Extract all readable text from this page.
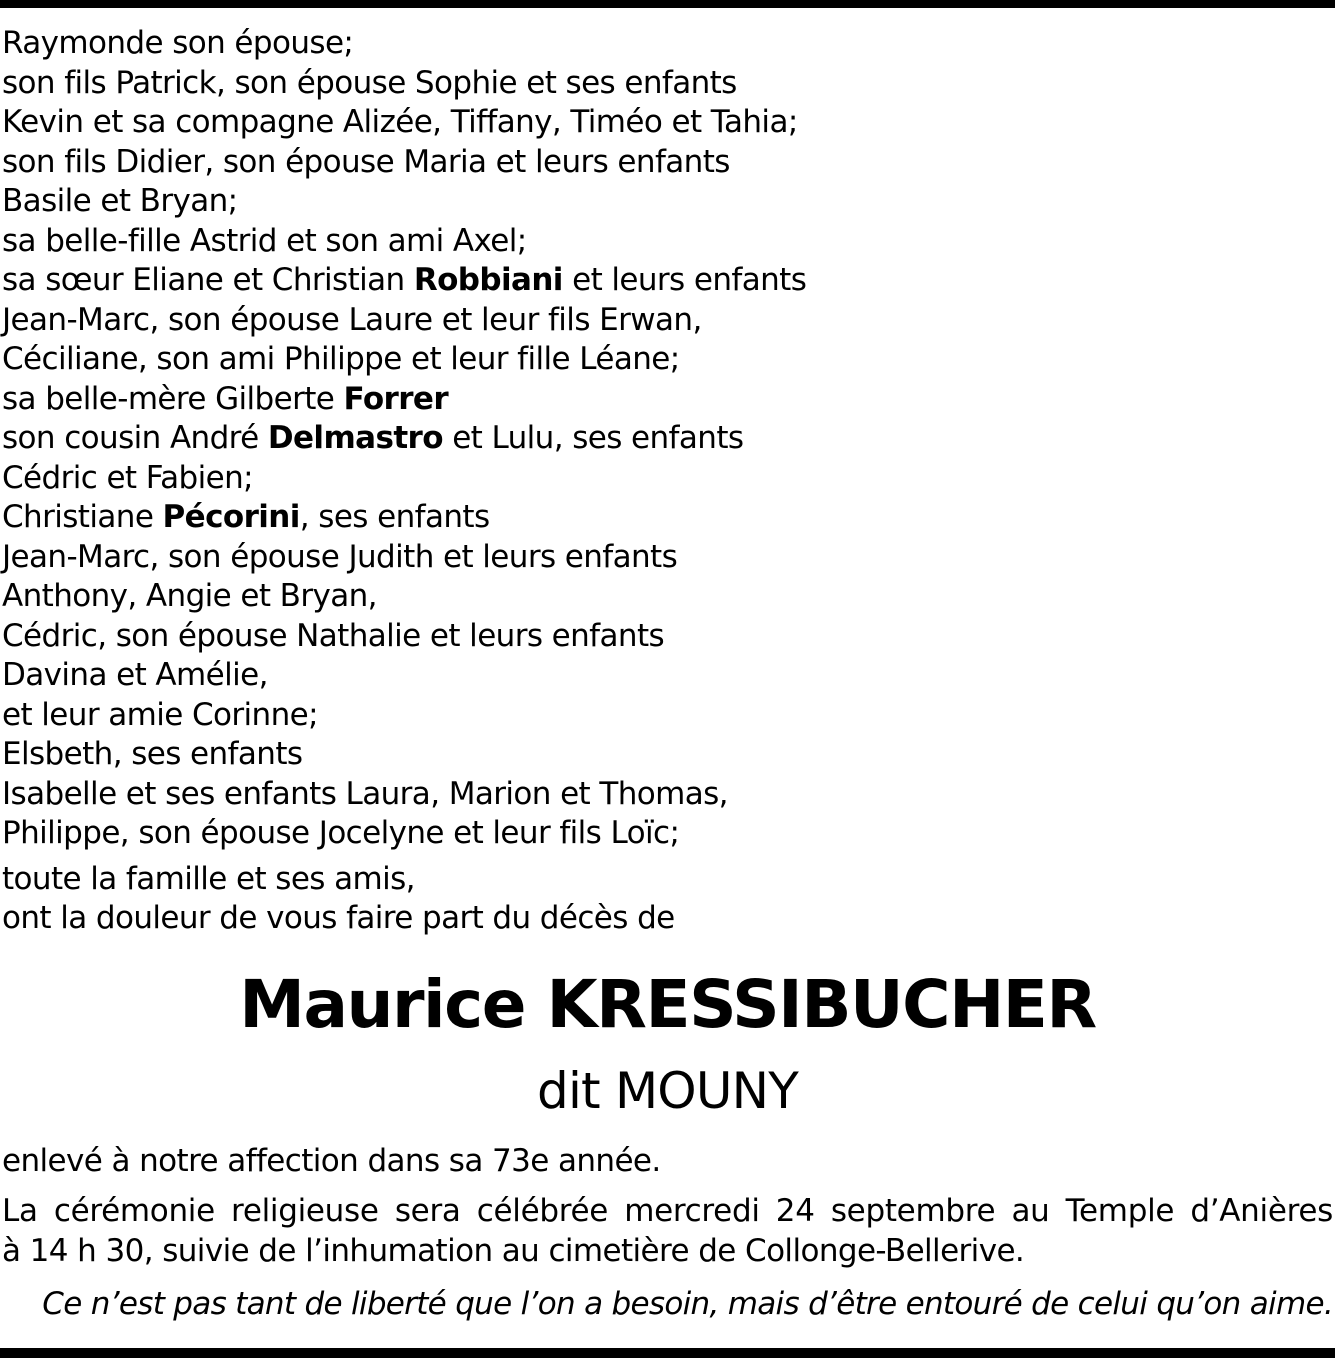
Raymonde son épouse;
son fils Patrick, son épouse Sophie et ses enfants
Kevin et sa compagne Alizée, Tiffany, Timéo et Tahia;
son fils Didier, son épouse Maria et leurs enfants
Basile et Bryan;
sa belle-fille Astrid et son ami Axel;
sa sœur Eliane et Christian Robbiani et leurs enfants
Jean-Marc, son épouse Laure et leur fils Erwan,
Céciliane, son ami Philippe et leur fille Léane;
sa belle-mère Gilberte Forrer
son cousin André Delmastro et Lulu, ses enfants
Cédric et Fabien;
Christiane Pécorini, ses enfants
Jean-Marc, son épouse Judith et leurs enfants
Anthony, Angie et Bryan,
Cédric, son épouse Nathalie et leurs enfants
Davina et Amélie,
et leur amie Corinne;
Elsbeth, ses enfants
Isabelle et ses enfants Laura, Marion et Thomas,
Philippe, son épouse Jocelyne et leur fils Loïc;
toute la famille et ses amis,
ont la douleur de vous faire part du décès de
Maurice KRESSIBUCHER
dit MOUNY
enlevé à notre affection dans sa 73e année.
La cérémonie religieuse sera célébrée mercredi 24 septembre au Temple d’Anières
à 14 h 30, suivie de l’inhumation au cimetière de Collonge-Bellerive.
Ce n’est pas tant de liberté que l’on a besoin, mais d’être entouré de celui qu’on aime.
